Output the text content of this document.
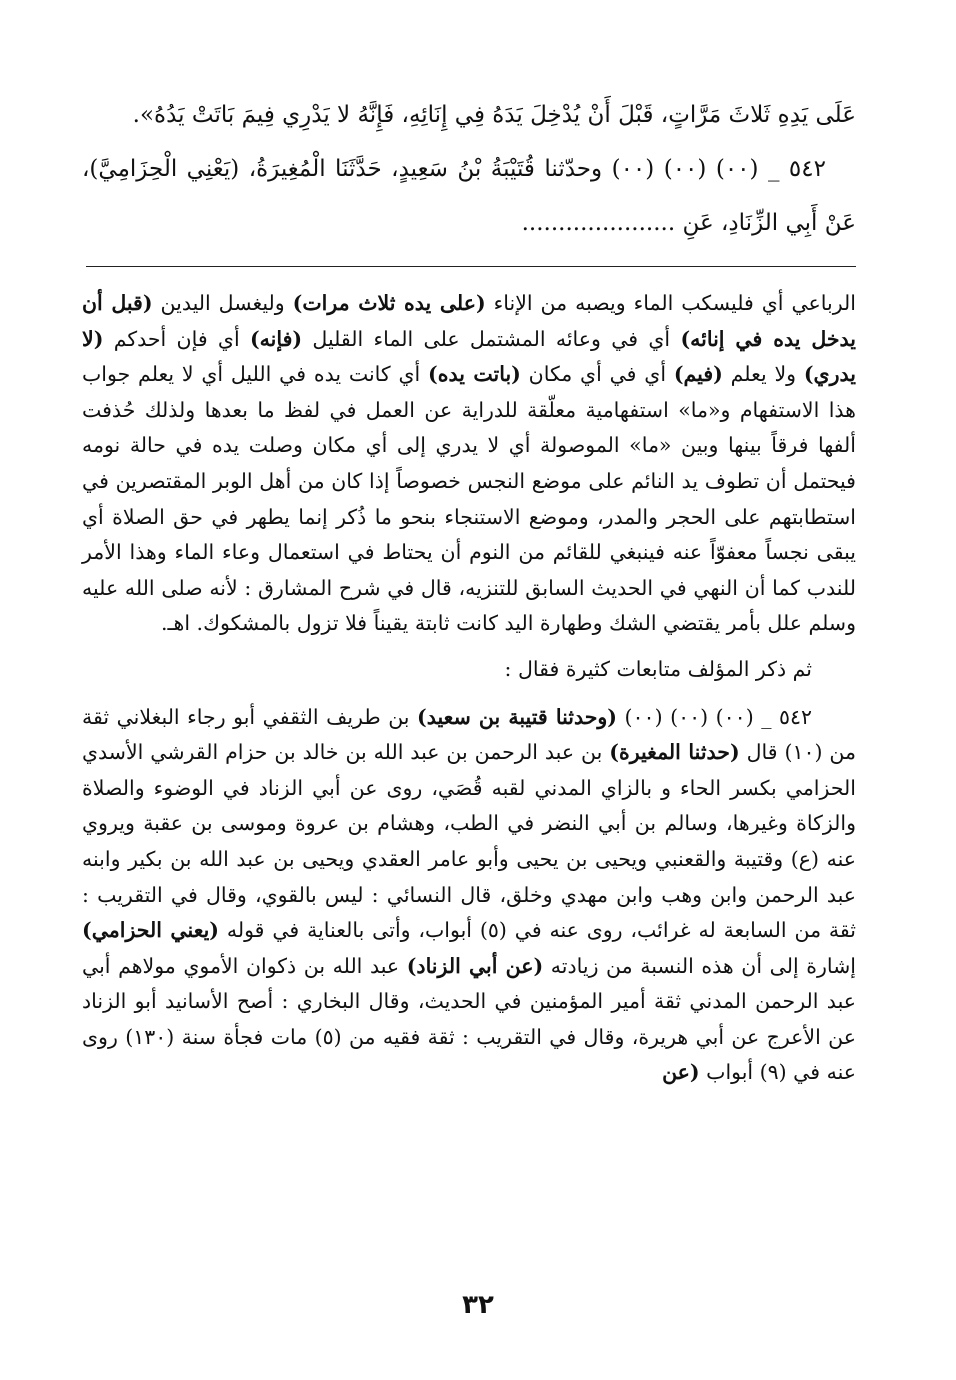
عَلَى يَدِهِ ثَلاثَ مَرَّاتٍ، قَبْلَ أَنْ يُدْخِلَ يَدَهُ فِي إِنَائِهِ، فَإِنَّهُ لا يَدْرِي فِيمَ بَاتَتْ يَدُهُ».

٥٤٢ _ (٠٠) (٠٠) (٠٠) وحدّثنا قُتَيْبَةُ بْنُ سَعِيدٍ، حَدَّثَنَا الْمُغِيرَةُ، (يَعْنِي الْحِزَامِيَّ)، عَنْ أَبِي الزِّنَادِ، عَنِ .....................

الرباعي أي فليسكب الماء ويصبه من الإناء (على يده ثلاث مرات) وليغسل اليدين (قبل أن يدخل يده في إنائه) أي في وعائه المشتمل على الماء القليل (فإنه) أي فإن أحدكم (لا يدري) ولا يعلم (فيم) أي في أي مكان (باتت يده) أي كانت يده في الليل أي لا يعلم جواب هذا الاستفهام و«ما» استفهامية معلّقة للدراية عن العمل في لفظ ما بعدها ولذلك حُذفت ألفها فرقاً بينها وبين «ما» الموصولة أي لا يدري إلى أي مكان وصلت يده في حالة نومه فيحتمل أن تطوف يد النائم على موضع النجس خصوصاً إذا كان من أهل الوبر المقتصرين في استطابتهم على الحجر والمدر، وموضع الاستنجاء بنحو ما ذُكر إنما يطهر في حق الصلاة أي يبقى نجساً معفوّاً عنه فينبغي للقائم من النوم أن يحتاط في استعمال وعاء الماء وهذا الأمر للندب كما أن النهي في الحديث السابق للتنزيه، قال في شرح المشارق : لأنه صلى الله عليه وسلم علل بأمر يقتضي الشك وطهارة اليد كانت ثابتة يقيناً فلا تزول بالمشكوك. اهـ.

ثم ذكر المؤلف متابعات كثيرة فقال :

٥٤٢ _ (٠٠) (٠٠) (٠٠) (وحدثنا قتيبة بن سعيد) بن طريف الثقفي أبو رجاء البغلاني ثقة من (١٠) قال (حدثنا المغيرة) بن عبد الرحمن بن عبد الله بن خالد بن حزام القرشي الأسدي الحزامي بكسر الحاء و بالزاي المدني لقبه قُصَي، روى عن أبي الزناد في الوضوء والصلاة والزكاة وغيرها، وسالم بن أبي النضر في الطب، وهشام بن عروة وموسى بن عقبة ويروي عنه (ع) وقتيبة والقعنبي ويحيى بن يحيى وأبو عامر العقدي ويحيى بن عبد الله بن بكير وابنه عبد الرحمن وابن وهب وابن مهدي وخلق، قال النسائي : ليس بالقوي، وقال في التقريب : ثقة من السابعة له غرائب، روى عنه في (٥) أبواب، وأتى بالعناية في قوله (يعني الحزامي) إشارة إلى أن هذه النسبة من زيادته (عن أبي الزناد) عبد الله بن ذكوان الأموي مولاهم أبي عبد الرحمن المدني ثقة أمير المؤمنين في الحديث، وقال البخاري : أصح الأسانيد أبو الزناد عن الأعرج عن أبي هريرة، وقال في التقريب : ثقة فقيه من (٥) مات فجأة سنة (١٣٠) روى عنه في (٩) أبواب (عن

٣٢
